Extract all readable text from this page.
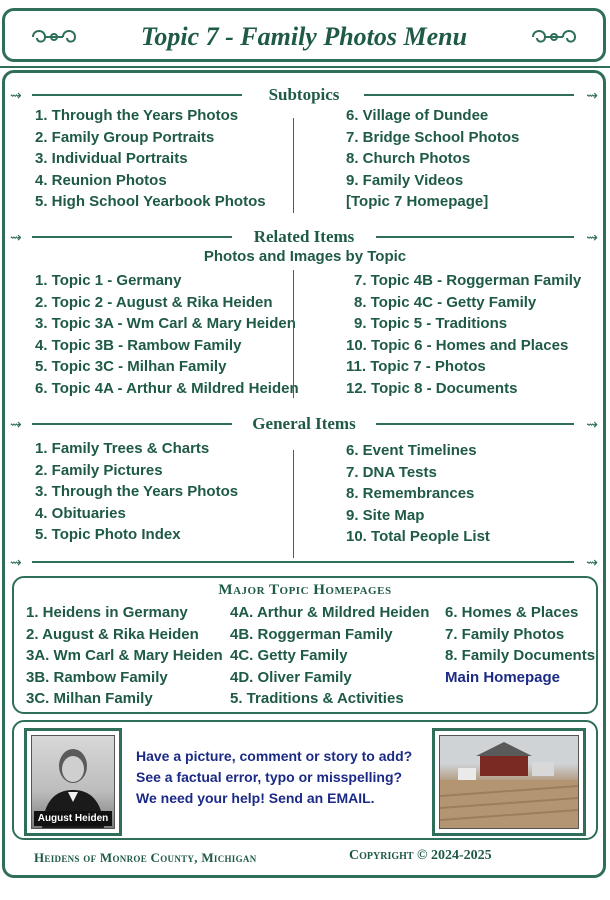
Topic 7 - Family Photos Menu
⇝	Subtopics	⇝
1. Through the Years Photos
2. Family Group Portraits
3. Individual Portraits
4. Reunion Photos
5. High School Yearbook Photos
6. Village of Dundee
7. Bridge School Photos
8. Church Photos
9. Family Videos
[Topic 7 Homepage]
⇝	Related Items	⇝
Photos and Images by Topic
1. Topic 1 - Germany
2. Topic 2 - August & Rika Heiden
3. Topic 3A - Wm Carl & Mary Heiden
4. Topic 3B - Rambow Family
5. Topic 3C - Milhan Family
6. Topic 4A - Arthur & Mildred Heiden
7. Topic 4B - Roggerman Family
8. Topic 4C - Getty Family
9. Topic 5 - Traditions
10. Topic 6 - Homes and Places
11. Topic 7 - Photos
12. Topic 8 - Documents
⇝	General Items	⇝
1. Family Trees & Charts
2. Family Pictures
3. Through the Years Photos
4. Obituaries
5. Topic Photo Index
6. Event Timelines
7. DNA Tests
8. Remembrances
9. Site Map
10. Total People List
⇝	⇝
Major Topic Homepages
1. Heidens in Germany
2. August & Rika Heiden
3A. Wm Carl & Mary Heiden
3B. Rambow Family
3C. Milhan Family
4A. Arthur & Mildred Heiden
4B. Roggerman Family
4C. Getty Family
4D. Oliver Family
5. Traditions & Activities
6. Homes & Places
7. Family Photos
8. Family Documents
Main Homepage
August Heiden
Have a picture, comment or story to add?
See a factual error, typo or misspelling?
We need your help! Send an EMAIL.
Heidens of Monroe County, Michigan	Copyright © 2024-2025
